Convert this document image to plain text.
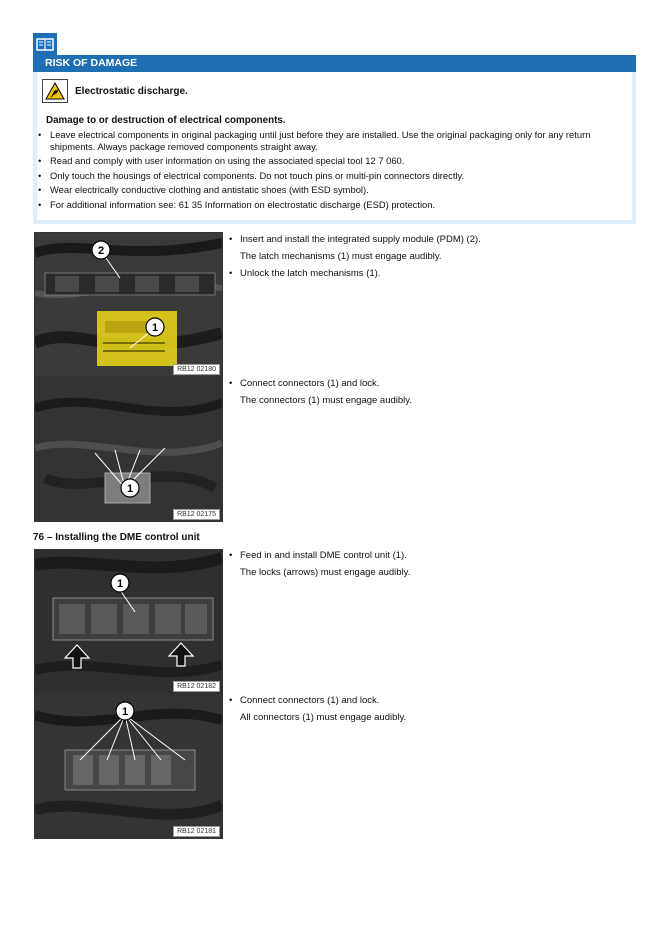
RISK OF DAMAGE
Electrostatic discharge.
Damage to or destruction of electrical components.
• Leave electrical components in original packaging until just before they are installed. Use the original packaging only for any return shipments. Always package removed components straight away.
• Read and comply with user information on using the associated special tool 12 7 060.
• Only touch the housings of electrical components. Do not touch pins or multi-pin connectors directly.
• Wear electrically conductive clothing and antistatic shoes (with ESD symbol).
• For additional information see: 61 35 Information on electrostatic discharge (ESD) protection.
2
1
RB12 02180
• Insert and install the integrated supply module (PDM) (2).
The latch mechanisms (1) must engage audibly.
• Unlock the latch mechanisms (1).
1
RB12 02175
• Connect connectors (1) and lock.
The connectors (1) must engage audibly.
76 – Installing the DME control unit
1
RB12 02182
• Feed in and install DME control unit (1).
The locks (arrows) must engage audibly.
1
RB12 02181
• Connect connectors (1) and lock.
All connectors (1) must engage audibly.
